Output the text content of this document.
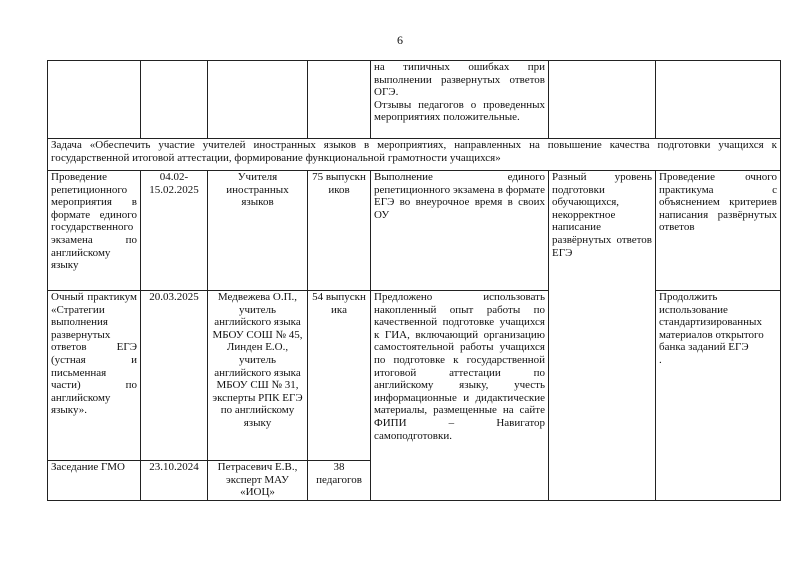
6

				на типичных ошибках при выполнении развернутых ответов ОГЭ.
Отзывы педагогов о проведенных мероприятиях положительные.		

Задача «Обеспечить участие учителей иностранных языков в мероприятиях, направленных на повышение качества подготовки учащихся к государственной итоговой аттестации, формирование функциональной грамотности учащихся»						
Проведение репетиционного мероприятия в формате единого государственного экзамена по английскому языку	04.02-15.02.2025	Учителя иностранных языков	75 выпускников	Выполнение единого репетиционного экзамена в формате ЕГЭ во внеурочное время в своих ОУ	Разный уровень подготовки обучающихся, некорректное написание развёрнутых ответов ЕГЭ	Проведение очного практикума с объяснением критериев написания развёрнутых ответов
Очный практикум «Стратегии выполнения развернутых ответов ЕГЭ (устная и письменная части) по английскому языку».	20.03.2025	Медвежева О.П., учитель английского языка МБОУ СОШ № 45, Линден Е.О., учитель английского языка МБОУ СШ № 31, эксперты РПК ЕГЭ по английскому языку	54 выпускника	Предложено использовать накопленный опыт работы по качественной подготовке учащихся к ГИА, включающий организацию самостоятельной работы учащихся по подготовке к государственной итоговой аттестации по английскому языку, учесть информационные и дидактические материалы, размещенные на сайте ФИПИ – Навигатор самоподготовки.		Продолжить использование стандартизированных материалов открытого банка заданий ЕГЭ
.

Заседание ГМО	23.10.2024	Петрасевич Е.В., эксперт МАУ «ИОЦ»	38 педагогов			
